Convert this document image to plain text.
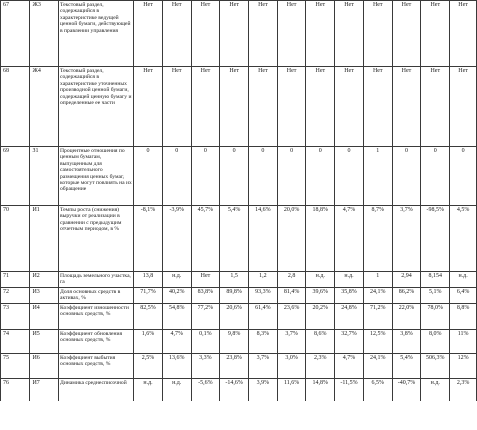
67	Ж3	Текстовый раздел, содержащийся в характеристике ведущей ценной бумаги, действующей в правлении управления	Нет	Нет	Нет	Нет	Нет	Нет	Нет	Нет	Нет	Нет	Нет	Нет
68	Ж4	Текстовый раздел, содержащийся в характеристике уточненных производной ценной бумаги, содержащей ценную бумагу и определенные ее части	Нет	Нет	Нет	Нет	Нет	Нет	Нет	Нет	Нет	Нет	Нет	Нет
69	З1	Процентные отношения по ценным бумагам, выпущенным для самостоятельного размещения ценных бумаг, которые могут повлиять на их обращение	0	0	0	0	0	0	0	0	1	0	0	0
70	И1	Темпы роста (снижения) выручки от реализации в сравнении с предыдущим отчетным периодом, в %	-8,1%	-3,9%	45,7%	5,4%	14,6%	20,0%	18,8%	4,7%	8,7%	3,7%	-98,5%	4,5%
71	И2	Площадь земельного участка, га	13,8	н.д.	Нет	1,5	1,2	2,8	н.д.	н.д.	1	2,94	8,154	н.д.
72	И3	Доля основных средств в активах, %	71,7%	40,2%	83,8%	89,8%	93,3%	81,4%	39,6%	35,8%	24,1%	86,2%	5,1%	6,4%
73	И4	Коэффициент изношенности основных средств, %	82,5%	54,8%	77,2%	20,6%	61,4%	23,6%	20,2%	24,8%	71,2%	22,0%	78,0%	8,8%
74	И5	Коэффициент обновления основных средств, %	1,6%	4,7%	0,1%	9,8%	8,3%	3,7%	8,6%	32,7%	12,5%	3,8%	8,0%	11%
75	И6	Коэффициент выбытия основных средств, %	2,5%	13,6%	3,3%	23,8%	3,7%	3,0%	2,3%	4,7%	24,1%	5,4%	506,3%	12%
76	И7	Динамика среднесписочной	н.д.	н.д.	-5,6%	-14,6%	3,9%	11,6%	14,8%	-11,5%	6,5%	-40,7%	н.д.	2,3%
